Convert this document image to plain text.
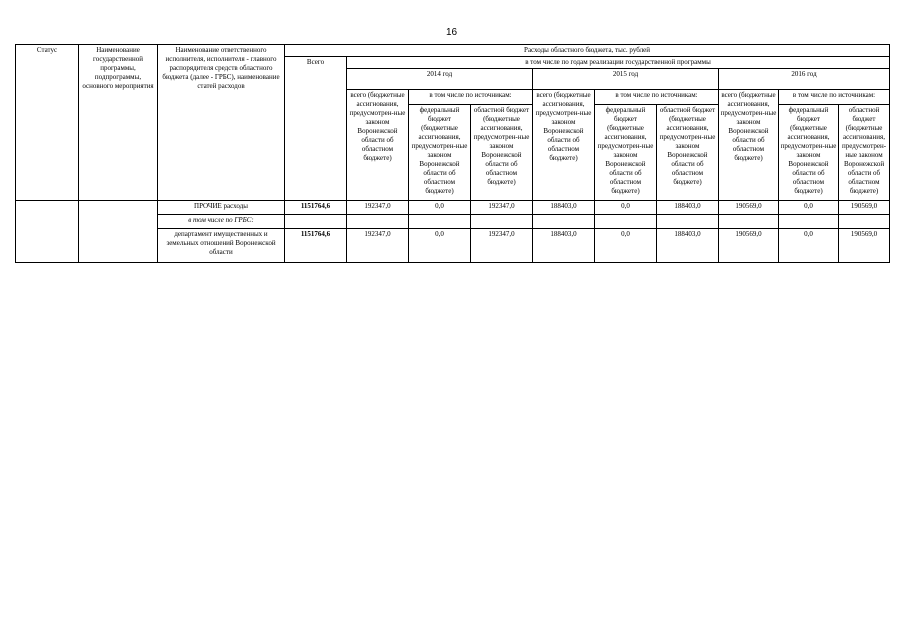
16
Статус	Наименование государственной программы, подпрограммы, основного мероприятия	Наименование ответственного исполнителя, исполнителя - главного распорядителя средств областного бюджета (далее - ГРБС), наименование статей расходов	Расходы областного бюджета, тыс. рублей									
			Всего	в том числе по годам реализации государственной программы								
				2014 год			2015 год			2016 год		
				всего (бюджетные ассигнования, предусмотрен-ные законом Воронежской области об областном бюджете)	в том числе по источникам:		всего (бюджетные ассигнования, предусмотрен-ные законом Воронежской области об областном бюджете)	в том числе по источникам:		всего (бюджетные ассигнования, предусмотрен-ные законом Воронежской области об областном бюджете)	в том числе по источникам:	
					федеральный бюджет (бюджетные ассигнования, предусмотрен-ные законом Воронежской области об областном бюджете)	областной бюджет (бюджетные ассигнования, предусмотрен-ные законом Воронежской области об областном бюджете)		федеральный бюджет (бюджетные ассигнования, предусмотрен-ные законом Воронежской области об областном бюджете)	областной бюджет (бюджетные ассигнования, предусмотрен-ные законом Воронежской области об областном бюджете)		федеральный бюджет (бюджетные ассигнования, предусмотрен-ные законом Воронежской области об областном бюджете)	областной бюджет (бюджетные ассигнования, предусмотрен-ные законом Воронежской области об областном бюджете)
		ПРОЧИЕ расходы	1151764,6	192347,0	0,0	192347,0	188403,0	0,0	188403,0	190569,0	0,0	190569,0
		в том числе по ГРБС:										
		департамент имущественных и земельных отношений Воронежской области	1151764,6	192347,0	0,0	192347,0	188403,0	0,0	188403,0	190569,0	0,0	190569,0
